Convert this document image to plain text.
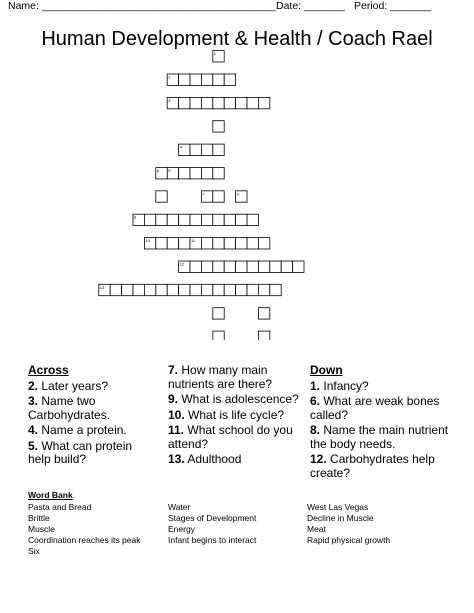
Name: ________________________________________ Date: _______ Period: _______
Human Development & Health / Coach Rael
2
3
4
5
7
8
10	11
12
13
1
6
9
Across
2. Later years?
3. Name two Carbohydrates.
4. Name a protein.
5. What can protein help build?
7. How many main nutrients are there?
9. What is adolescence?
10. What is life cycle?
11. What school do you attend?
13. Adulthood
Down
1. Infancy?
6. What are weak bones called?
8. Name the main nutrient the body needs.
12. Carbohydrates help create?
Word Bank
Pasta and Bread
Brittle
Muscle
Coordination reaches its peak
Six
Water
Stages of Development
Energy
Infant begins to interact
West Las Vegas
Decline in Muscle
Meat
Rapid physical growth
